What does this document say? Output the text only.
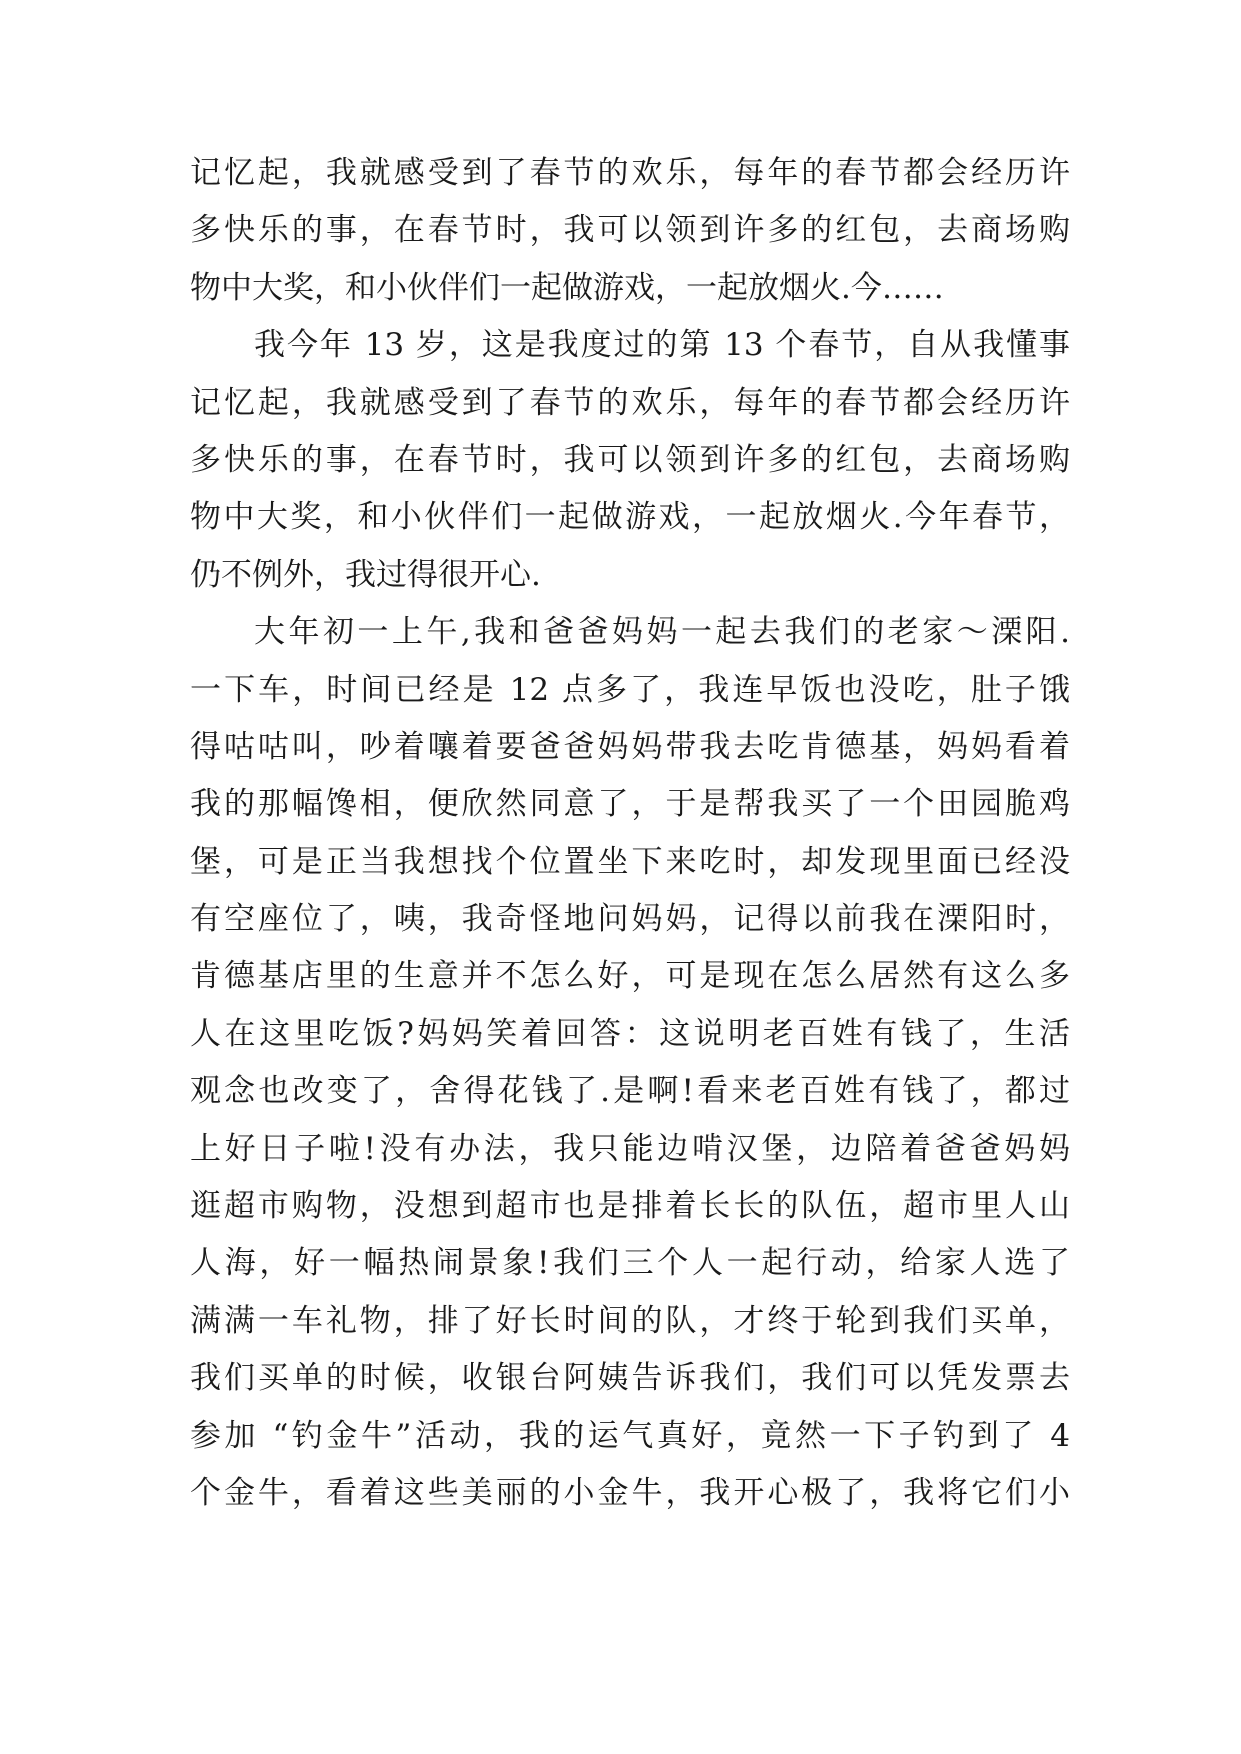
记忆起，我就感受到了春节的欢乐，每年的春节都会经历许
多快乐的事，在春节时，我可以领到许多的红包，去商场购
物中大奖，和小伙伴们一起做游戏，一起放烟火.今……
我今年 13 岁，这是我度过的第 13 个春节，自从我懂事
记忆起，我就感受到了春节的欢乐，每年的春节都会经历许
多快乐的事，在春节时，我可以领到许多的红包，去商场购
物中大奖，和小伙伴们一起做游戏，一起放烟火.今年春节，
仍不例外，我过得很开心.
大年初一上午,我和爸爸妈妈一起去我们的老家～溧阳.
一下车，时间已经是 12 点多了，我连早饭也没吃，肚子饿
得咕咕叫，吵着嚷着要爸爸妈妈带我去吃肯德基，妈妈看着
我的那幅馋相，便欣然同意了，于是帮我买了一个田园脆鸡
堡，可是正当我想找个位置坐下来吃时，却发现里面已经没
有空座位了，咦，我奇怪地问妈妈，记得以前我在溧阳时，
肯德基店里的生意并不怎么好，可是现在怎么居然有这么多
人在这里吃饭?妈妈笑着回答：这说明老百姓有钱了，生活
观念也改变了，舍得花钱了.是啊!看来老百姓有钱了，都过
上好日子啦!没有办法，我只能边啃汉堡，边陪着爸爸妈妈
逛超市购物，没想到超市也是排着长长的队伍，超市里人山
人海，好一幅热闹景象!我们三个人一起行动，给家人选了
满满一车礼物，排了好长时间的队，才终于轮到我们买单，
我们买单的时候，收银台阿姨告诉我们，我们可以凭发票去
参加 “钓金牛”活动，我的运气真好，竟然一下子钓到了 4
个金牛，看着这些美丽的小金牛，我开心极了，我将它们小
